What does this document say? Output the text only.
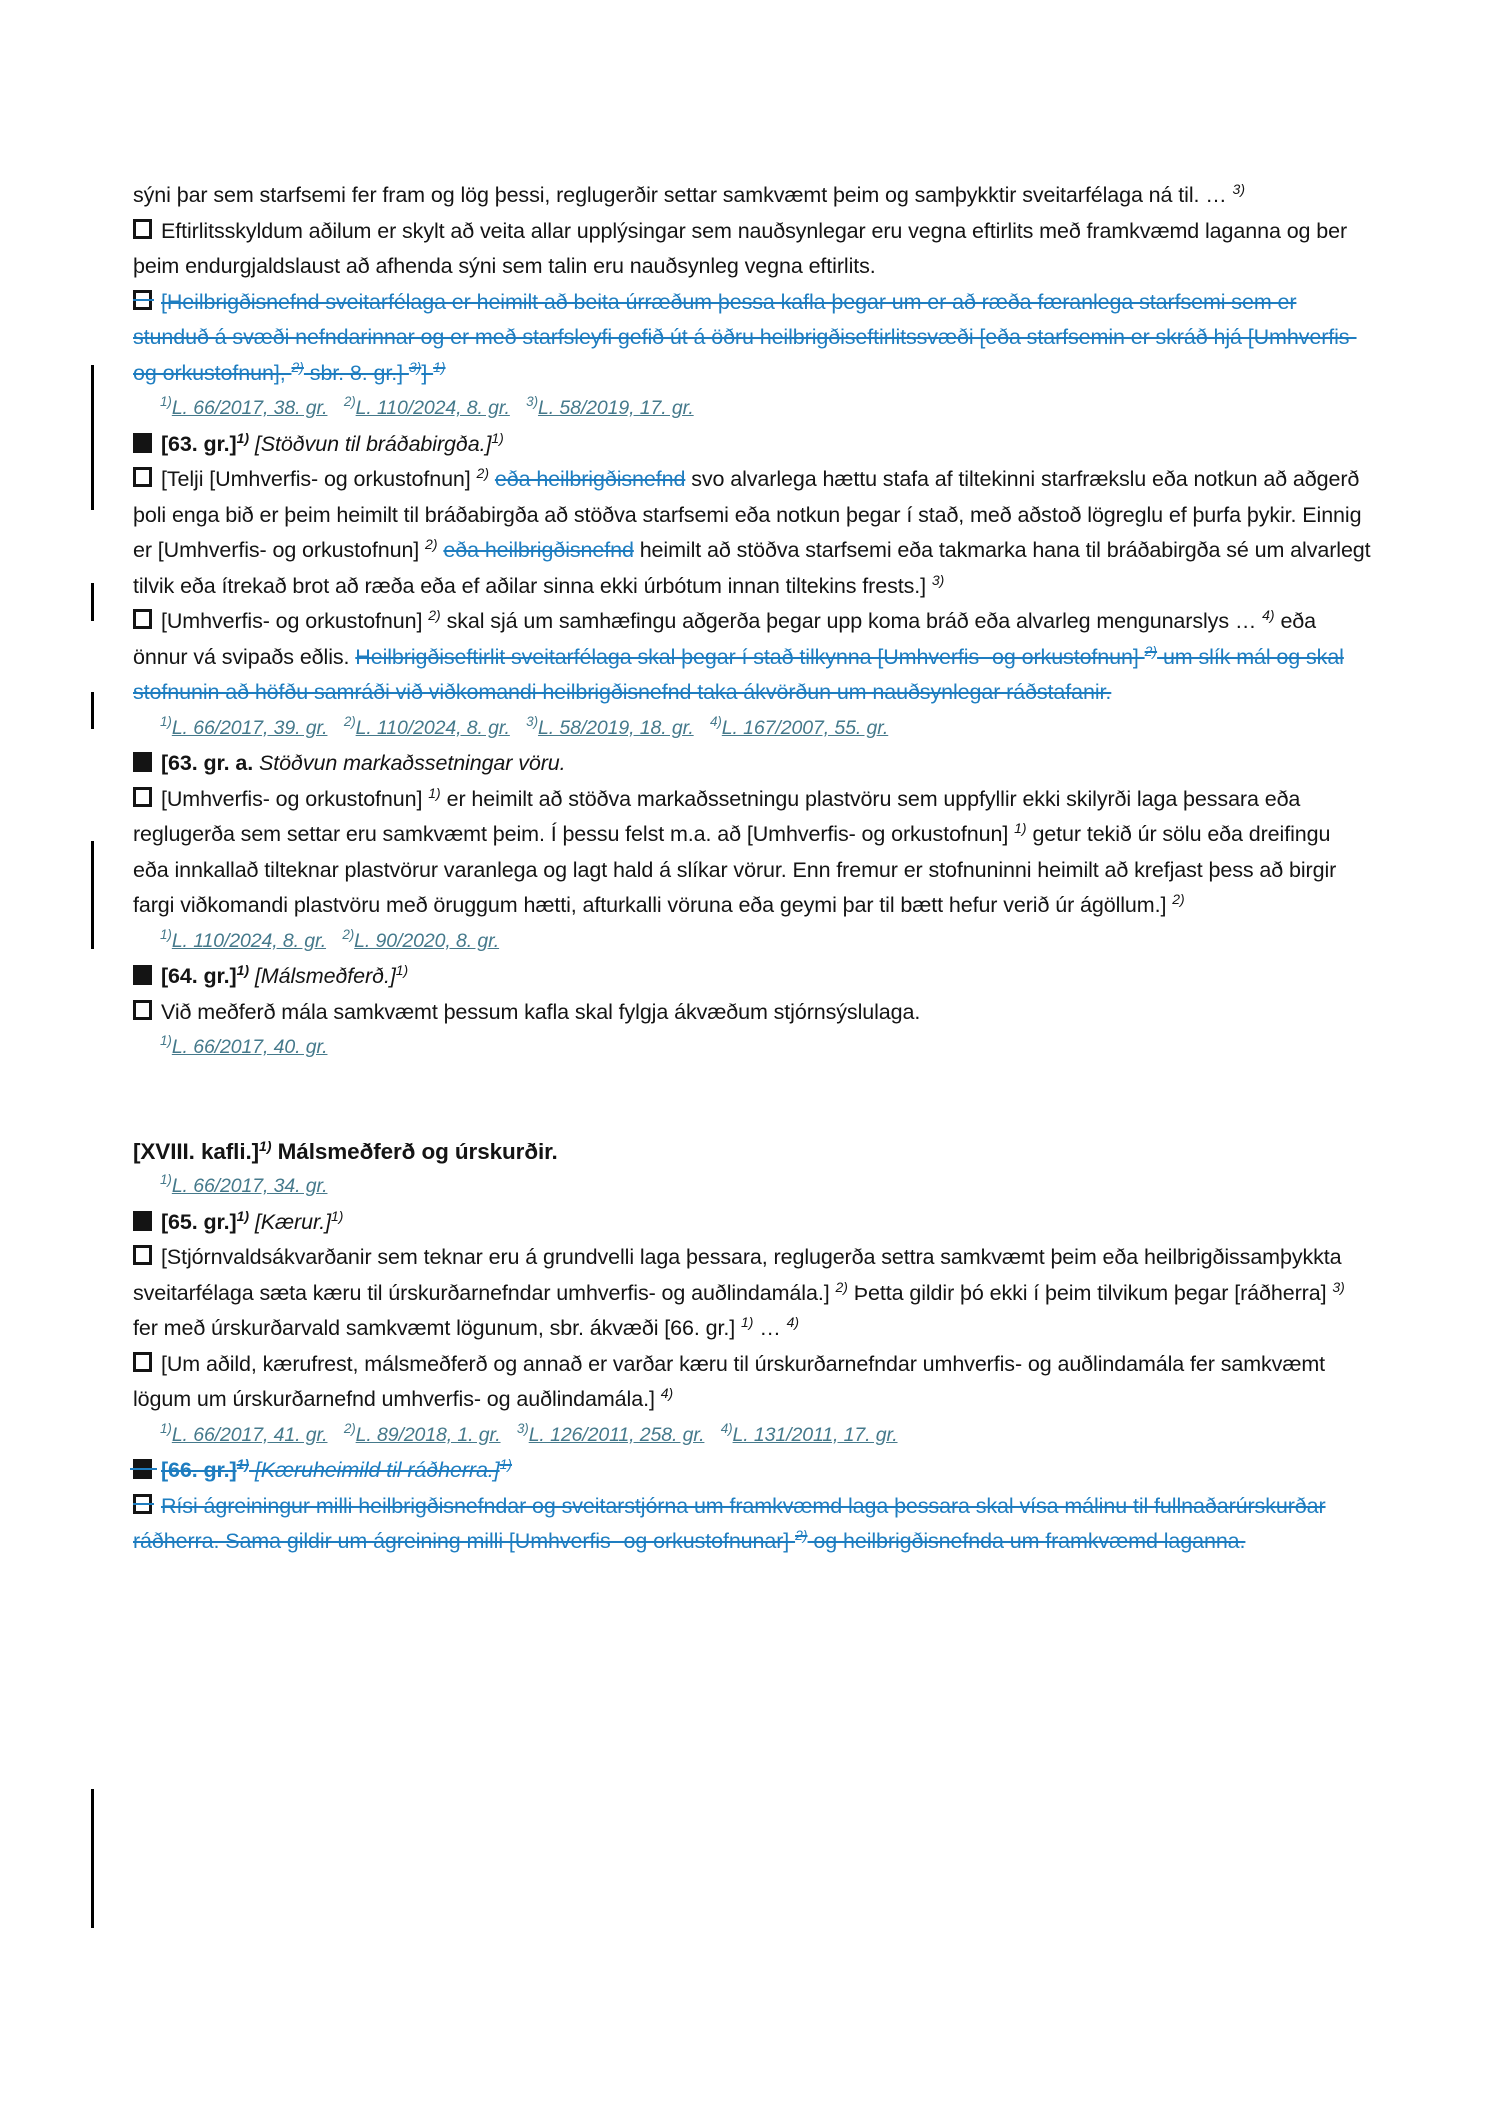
sýni þar sem starfsemi fer fram og lög þessi, reglugerðir settar samkvæmt þeim og samþykktir sveitarfélaga ná til. … $^{3)}$
Eftirlitsskyldum aðilum er skylt að veita allar upplýsingar sem nauðsynlegar eru vegna eftirlits með framkvæmd laganna og ber þeim endurgjaldslaust að afhenda sýni sem talin eru nauðsynleg vegna eftirlits.
[Heilbrigðisnefnd sveitarfélaga er heimilt að beita úrræðum þessa kafla þegar um er að ræða færanlega starfsemi sem er stunduð á svæði nefndarinnar og er með starfsleyfi gefið út á öðru heilbrigðiseftirlitssvæði [eða starfsemin er skráð hjá [Umhverfis- og orkustofnun], $^{2)}$ sbr. 8. gr.] $^{3)}$] $^{1)}$
$^{1)}$L. 66/2017, 38. gr. $^{2)}$L. 110/2024, 8. gr. $^{3)}$L. 58/2019, 17. gr.
[63. gr.]$^{1)}$ [Stöðvun til bráðabirgða.]$^{1)}$
[Telji [Umhverfis- og orkustofnun] $^{2)}$ eða heilbrigðisnefnd svo alvarlega hættu stafa af tiltekinni starfrækslu eða notkun að aðgerð þoli enga bið er þeim heimilt til bráðabirgða að stöðva starfsemi eða notkun þegar í stað, með aðstoð lögreglu ef þurfa þykir. Einnig er [Umhverfis- og orkustofnun] $^{2)}$ eða heilbrigðisnefnd heimilt að stöðva starfsemi eða takmarka hana til bráðabirgða sé um alvarlegt tilvik eða ítrekað brot að ræða eða ef aðilar sinna ekki úrbótum innan tiltekins frests.] $^{3)}$
[Umhverfis- og orkustofnun] $^{2)}$ skal sjá um samhæfingu aðgerða þegar upp koma bráð eða alvarleg mengunarslys … $^{4)}$ eða önnur vá svipaðs eðlis. Heilbrigðiseftirlit sveitarfélaga skal þegar í stað tilkynna [Umhverfis- og orkustofnun] $^{2)}$ um slík mál og skal stofnunin að höfðu samráði við viðkomandi heilbrigðisnefnd taka ákvörðun um nauðsynlegar ráðstafanir.
$^{1)}$L. 66/2017, 39. gr. $^{2)}$L. 110/2024, 8. gr. $^{3)}$L. 58/2019, 18. gr. $^{4)}$L. 167/2007, 55. gr.
[63. gr. a. Stöðvun markaðssetningar vöru.
[Umhverfis- og orkustofnun] $^{1)}$ er heimilt að stöðva markaðssetningu plastvöru sem uppfyllir ekki skilyrði laga þessara eða reglugerða sem settar eru samkvæmt þeim. Í þessu felst m.a. að [Umhverfis- og orkustofnun] $^{1)}$ getur tekið úr sölu eða dreifingu eða innkallað tilteknar plastvörur varanlega og lagt hald á slíkar vörur. Enn fremur er stofnuninni heimilt að krefjast þess að birgir fargi viðkomandi plastvöru með öruggum hætti, afturkalli vöruna eða geymi þar til bætt hefur verið úr ágöllum.] $^{2)}$
$^{1)}$L. 110/2024, 8. gr. $^{2)}$L. 90/2020, 8. gr.
[64. gr.]$^{1)}$ [Málsmeðferð.]$^{1)}$
Við meðferð mála samkvæmt þessum kafla skal fylgja ákvæðum stjórnsýslulaga.
$^{1)}$L. 66/2017, 40. gr.
[XVIII. kafli.]$^{1)}$ Málsmeðferð og úrskurðir.
$^{1)}$L. 66/2017, 34. gr.
[65. gr.]$^{1)}$ [Kærur.]$^{1)}$
[Stjórnvaldsákvarðanir sem teknar eru á grundvelli laga þessara, reglugerða settra samkvæmt þeim eða heilbrigðissamþykkta sveitarfélaga sæta kæru til úrskurðarnefndar umhverfis- og auðlindamála.] $^{2)}$ Þetta gildir þó ekki í þeim tilvikum þegar [ráðherra] $^{3)}$ fer með úrskurðarvald samkvæmt lögunum, sbr. ákvæði [66. gr.] $^{1)}$ … $^{4)}$
[Um aðild, kærufrest, málsmeðferð og annað er varðar kæru til úrskurðarnefndar umhverfis- og auðlindamála fer samkvæmt lögum um úrskurðarnefnd umhverfis- og auðlindamála.] $^{4)}$
$^{1)}$L. 66/2017, 41. gr. $^{2)}$L. 89/2018, 1. gr. $^{3)}$L. 126/2011, 258. gr. $^{4)}$L. 131/2011, 17. gr.
[66. gr.]$^{1)}$ [Kæruheimild til ráðherra.]$^{1)}$
Rísi ágreiningur milli heilbrigðisnefndar og sveitarstjórna um framkvæmd laga þessara skal vísa málinu til fullnaðarúrskurðar ráðherra. Sama gildir um ágreining milli [Umhverfis- og orkustofnunar] $^{2)}$ og heilbrigðisnefnda um framkvæmd laganna.
